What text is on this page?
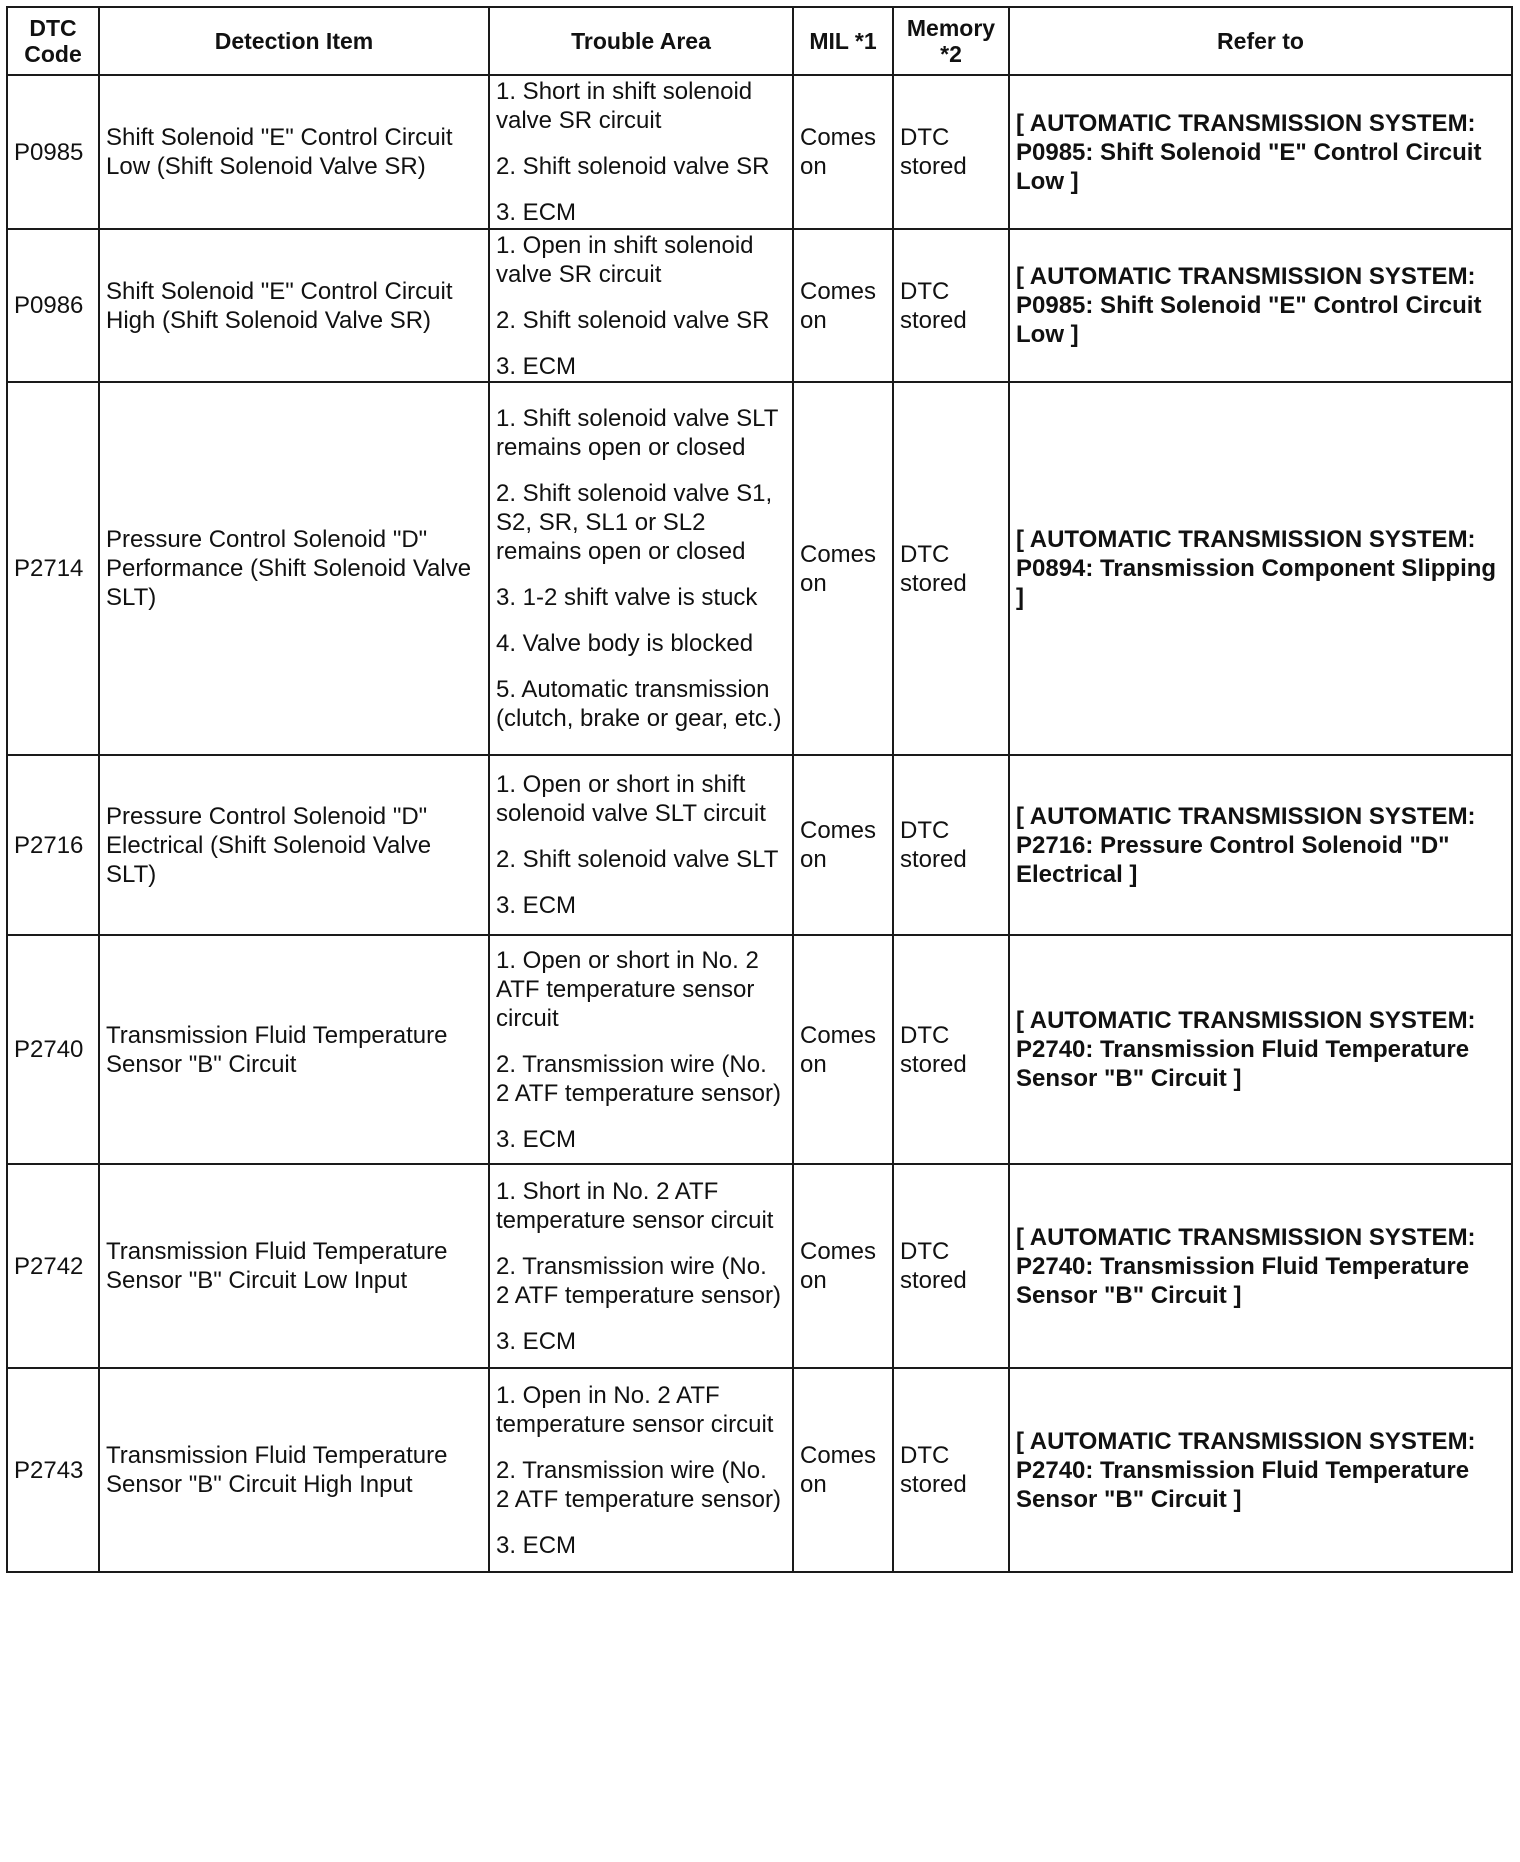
DTC Code	Detection Item	Trouble Area	MIL *1	Memory *2	Refer to
P0985	Shift Solenoid "E" Control Circuit Low (Shift Solenoid Valve SR)	1. Short in shift solenoid valve SR circuit
2. Shift solenoid valve SR
3. ECM	Comes on	DTC stored	[ AUTOMATIC TRANSMISSION SYSTEM: P0985: Shift Solenoid "E" Control Circuit Low ]
P0986	Shift Solenoid "E" Control Circuit High (Shift Solenoid Valve SR)	1. Open in shift solenoid valve SR circuit
2. Shift solenoid valve SR
3. ECM	Comes on	DTC stored	[ AUTOMATIC TRANSMISSION SYSTEM: P0985: Shift Solenoid "E" Control Circuit Low ]
P2714	Pressure Control Solenoid "D" Performance (Shift Solenoid Valve SLT)	1. Shift solenoid valve SLT remains open or closed
2. Shift solenoid valve S1, S2, SR, SL1 or SL2 remains open or closed
3. 1-2 shift valve is stuck
4. Valve body is blocked
5. Automatic transmission (clutch, brake or gear, etc.)	Comes on	DTC stored	[ AUTOMATIC TRANSMISSION SYSTEM: P0894: Transmission Component Slipping ]
P2716	Pressure Control Solenoid "D" Electrical (Shift Solenoid Valve SLT)	1. Open or short in shift solenoid valve SLT circuit
2. Shift solenoid valve SLT
3. ECM	Comes on	DTC stored	[ AUTOMATIC TRANSMISSION SYSTEM: P2716: Pressure Control Solenoid "D" Electrical ]
P2740	Transmission Fluid Temperature Sensor "B" Circuit	1. Open or short in No. 2 ATF temperature sensor circuit
2. Transmission wire (No. 2 ATF temperature sensor)
3. ECM	Comes on	DTC stored	[ AUTOMATIC TRANSMISSION SYSTEM: P2740: Transmission Fluid Temperature Sensor "B" Circuit ]
P2742	Transmission Fluid Temperature Sensor "B" Circuit Low Input	1. Short in No. 2 ATF temperature sensor circuit
2. Transmission wire (No. 2 ATF temperature sensor)
3. ECM	Comes on	DTC stored	[ AUTOMATIC TRANSMISSION SYSTEM: P2740: Transmission Fluid Temperature Sensor "B" Circuit ]
P2743	Transmission Fluid Temperature Sensor "B" Circuit High Input	1. Open in No. 2 ATF temperature sensor circuit
2. Transmission wire (No. 2 ATF temperature sensor)
3. ECM	Comes on	DTC stored	[ AUTOMATIC TRANSMISSION SYSTEM: P2740: Transmission Fluid Temperature Sensor "B" Circuit ]
